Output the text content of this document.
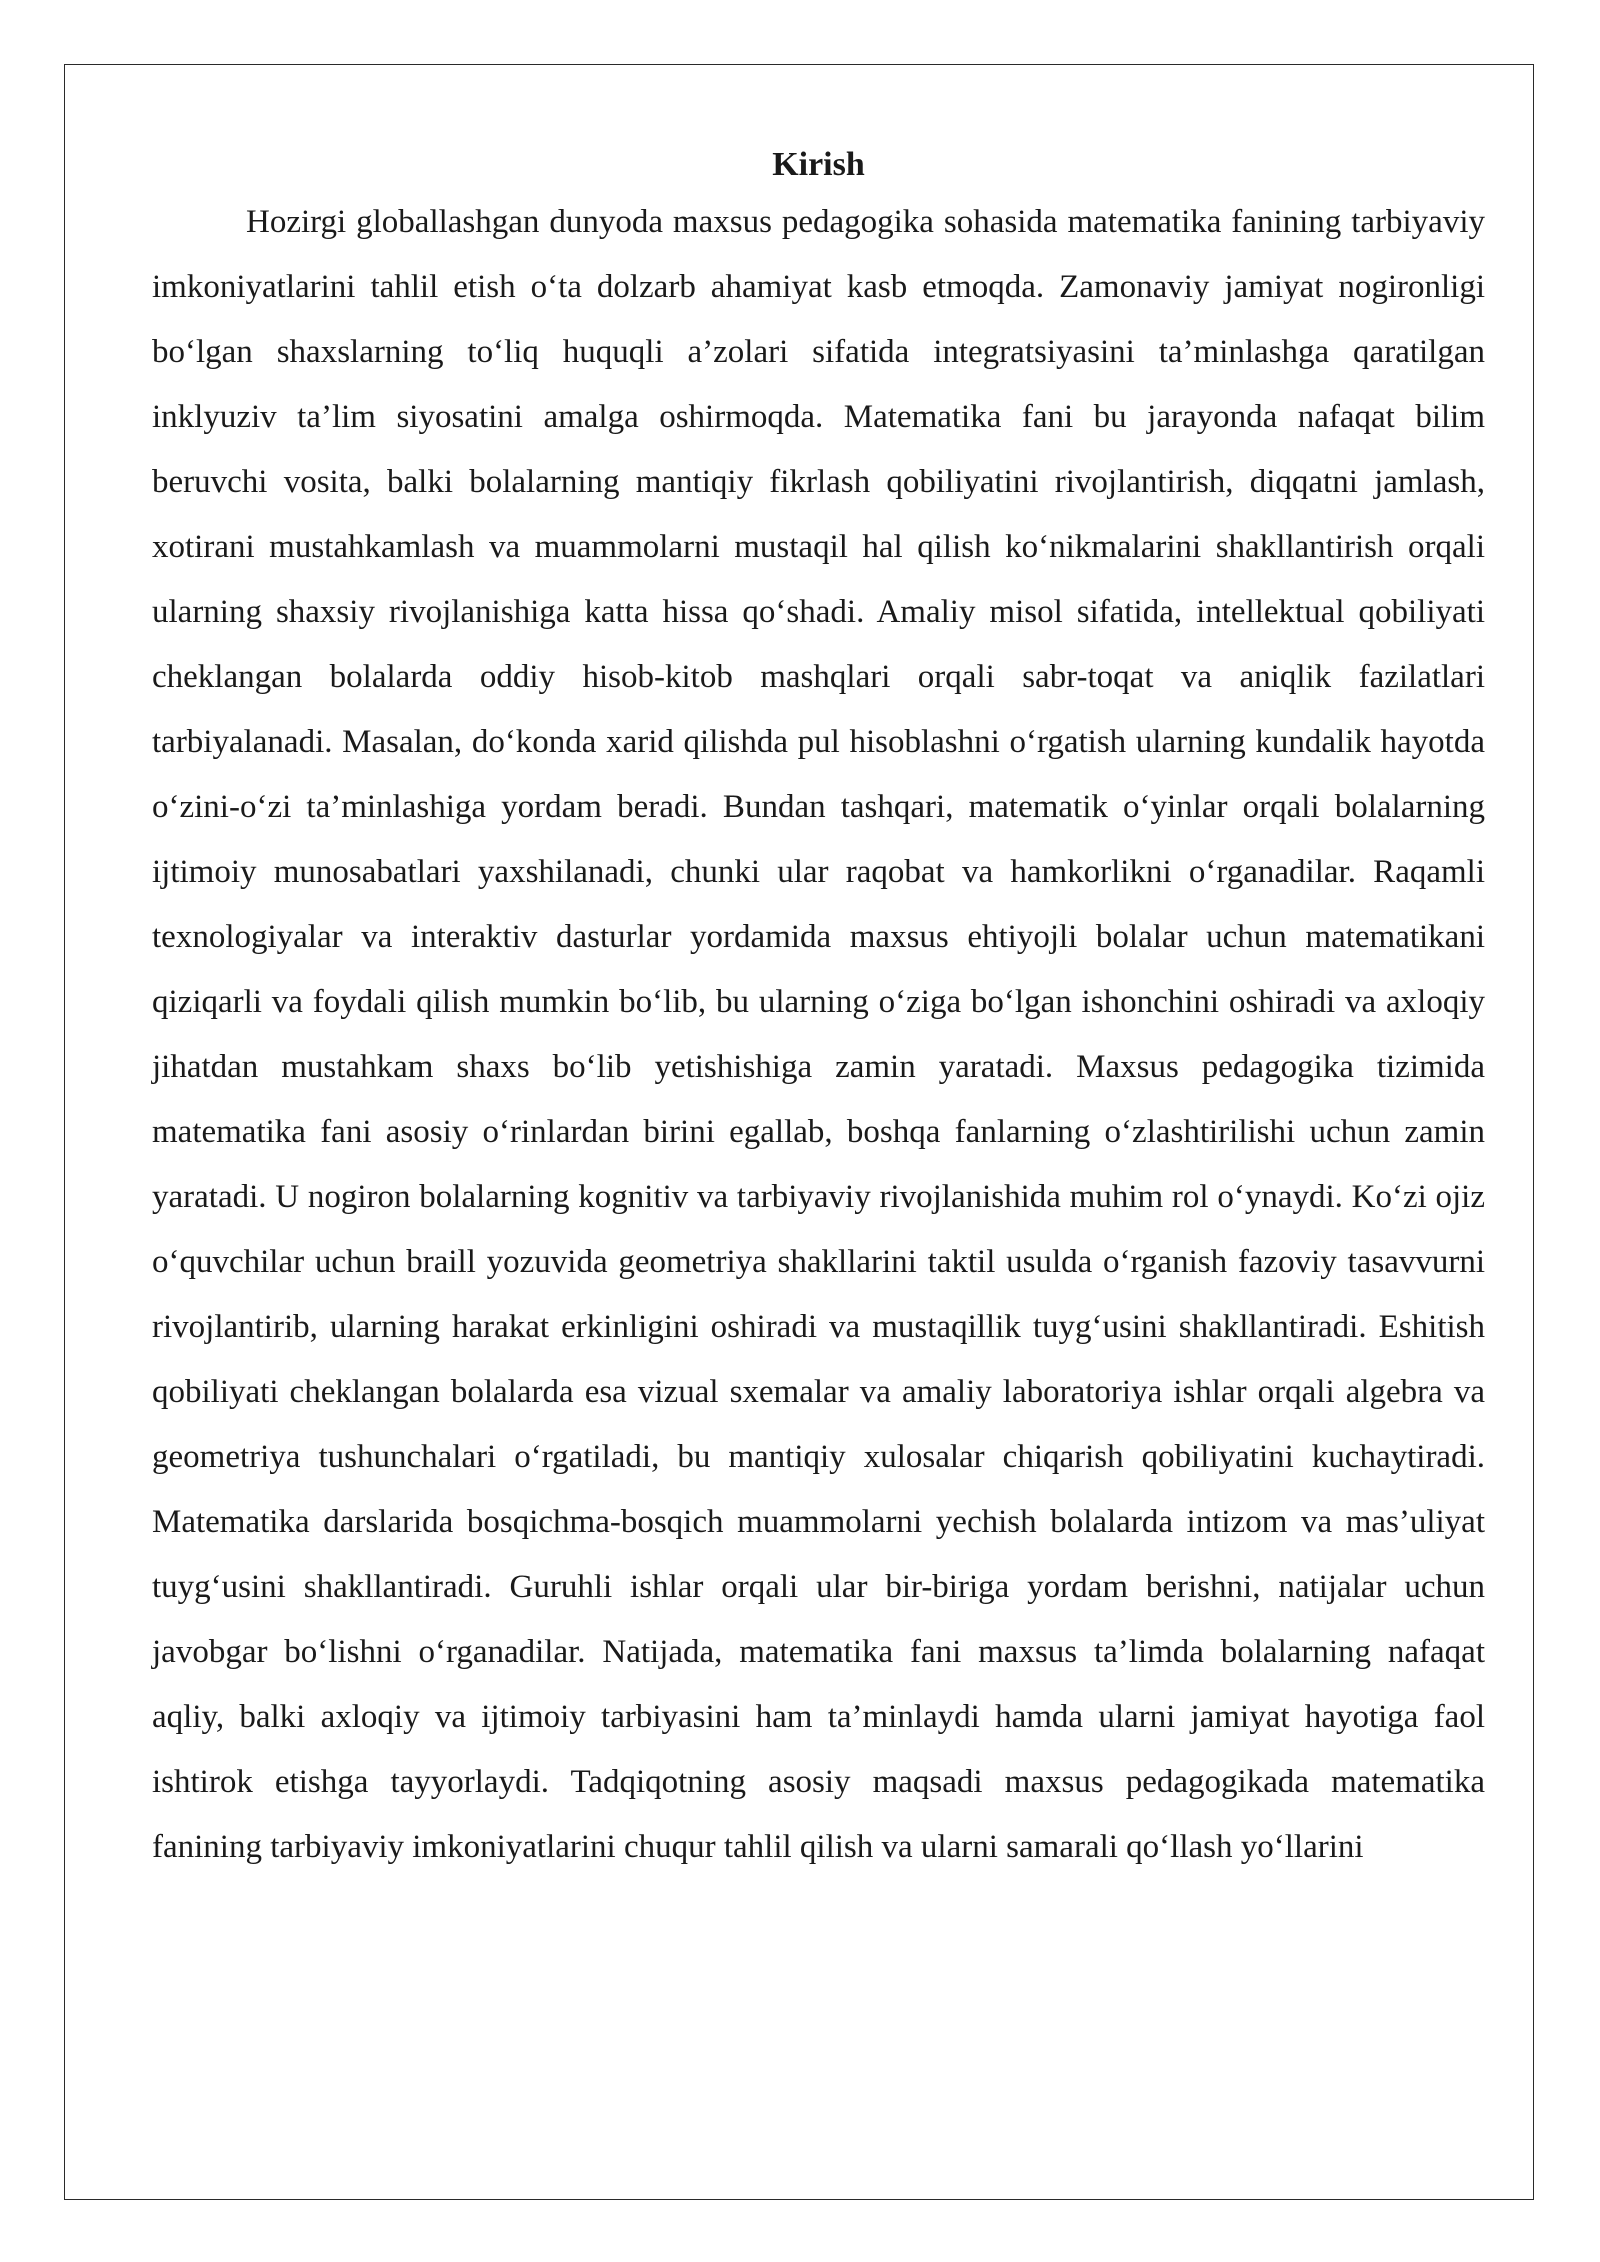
Kirish

Hozirgi globallashgan dunyoda maxsus pedagogika sohasida matematika fanining tarbiyaviy imkoniyatlarini tahlil etish o‘ta dolzarb ahamiyat kasb etmoqda. Zamonaviy jamiyat nogironligi bo‘lgan shaxslarning to‘liq huquqli a’zolari sifatida integratsiyasini ta’minlashga qaratilgan inklyuziv ta’lim siyosatini amalga oshirmoqda. Matematika fani bu jarayonda nafaqat bilim beruvchi vosita, balki bolalarning mantiqiy fikrlash qobiliyatini rivojlantirish, diqqatni jamlash, xotirani mustahkamlash va muammolarni mustaqil hal qilish ko‘nikmalarini shakllantirish orqali ularning shaxsiy rivojlanishiga katta hissa qo‘shadi. Amaliy misol sifatida, intellektual qobiliyati cheklangan bolalarda oddiy hisob-kitob mashqlari orqali sabr-toqat va aniqlik fazilatlari tarbiyalanadi. Masalan, do‘konda xarid qilishda pul hisoblashni o‘rgatish ularning kundalik hayotda o‘zini-o‘zi ta’minlashiga yordam beradi. Bundan tashqari, matematik o‘yinlar orqali bolalarning ijtimoiy munosabatlari yaxshilanadi, chunki ular raqobat va hamkorlikni o‘rganadilar. Raqamli texnologiyalar va interaktiv dasturlar yordamida maxsus ehtiyojli bolalar uchun matematikani qiziqarli va foydali qilish mumkin bo‘lib, bu ularning o‘ziga bo‘lgan ishonchini oshiradi va axloqiy jihatdan mustahkam shaxs bo‘lib yetishishiga zamin yaratadi. Maxsus pedagogika tizimida matematika fani asosiy o‘rinlardan birini egallab, boshqa fanlarning o‘zlashtirilishi uchun zamin yaratadi. U nogiron bolalarning kognitiv va tarbiyaviy rivojlanishida muhim rol o‘ynaydi. Ko‘zi ojiz o‘quvchilar uchun braill yozuvida geometriya shakllarini taktil usulda o‘rganish fazoviy tasavvurni rivojlantirib, ularning harakat erkinligini oshiradi va mustaqillik tuyg‘usini shakllantiradi. Eshitish qobiliyati cheklangan bolalarda esa vizual sxemalar va amaliy laboratoriya ishlar orqali algebra va geometriya tushunchalari o‘rgatiladi, bu mantiqiy xulosalar chiqarish qobiliyatini kuchaytiradi. Matematika darslarida bosqichma-bosqich muammolarni yechish bolalarda intizom va mas’uliyat tuyg‘usini shakllantiradi. Guruhli ishlar orqali ular bir-biriga yordam berishni, natijalar uchun javobgar bo‘lishni o‘rganadilar. Natijada, matematika fani maxsus ta’limda bolalarning nafaqat aqliy, balki axloqiy va ijtimoiy tarbiyasini ham ta’minlaydi hamda ularni jamiyat hayotiga faol ishtirok etishga tayyorlaydi. Tadqiqotning asosiy maqsadi maxsus pedagogikada matematika fanining tarbiyaviy imkoniyatlarini chuqur tahlil qilish va ularni samarali qo‘llash yo‘llarini
